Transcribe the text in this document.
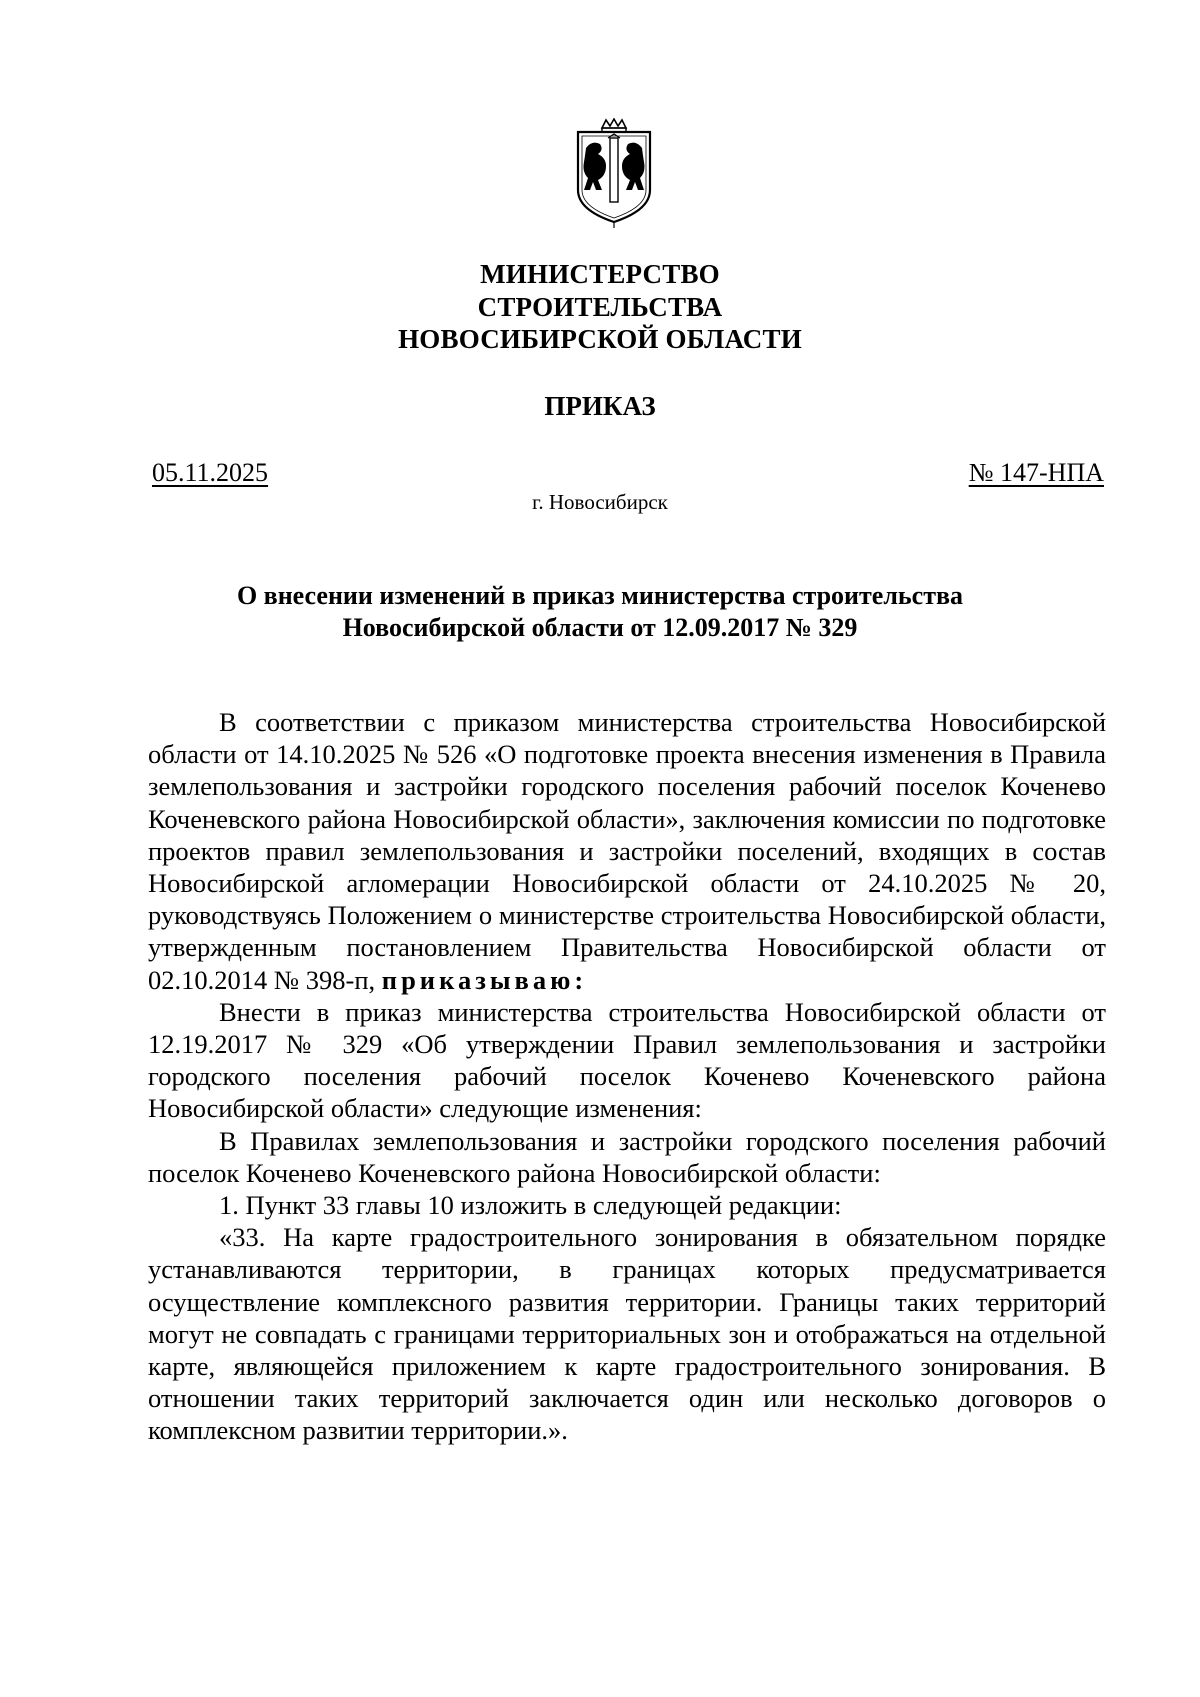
МИНИСТЕРСТВО
СТРОИТЕЛЬСТВА
НОВОСИБИРСКОЙ ОБЛАСТИ
ПРИКАЗ
05.11.2025	№ 147-НПА
г. Новосибирск
О внесении изменений в приказ министерства строительства
Новосибирской области от 12.09.2017 № 329

В соответствии с приказом министерства строительства Новосибирской области от 14.10.2025 № 526 «О подготовке проекта внесения изменения в Правила землепользования и застройки городского поселения рабочий поселок Коченево Коченевского района Новосибирской области», заключения комиссии по подготовке проектов правил землепользования и застройки поселений, входящих в состав Новосибирской агломерации Новосибирской области от 24.10.2025 № 20, руководствуясь Положением о министерстве строительства Новосибирской области, утвержденным постановлением Правительства Новосибирской области от 02.10.2014 № 398-п, приказываю:

Внести в приказ министерства строительства Новосибирской области от 12.19.2017 № 329 «Об утверждении Правил землепользования и застройки городского поселения рабочий поселок Коченево Коченевского района Новосибирской области» следующие изменения:

В Правилах землепользования и застройки городского поселения рабочий поселок Коченево Коченевского района Новосибирской области:

1. Пункт 33 главы 10 изложить в следующей редакции:

«33. На карте градостроительного зонирования в обязательном порядке устанавливаются территории, в границах которых предусматривается осуществление комплексного развития территории. Границы таких территорий могут не совпадать с границами территориальных зон и отображаться на отдельной карте, являющейся приложением к карте градостроительного зонирования. В отношении таких территорий заключается один или несколько договоров о комплексном развитии территории.».
